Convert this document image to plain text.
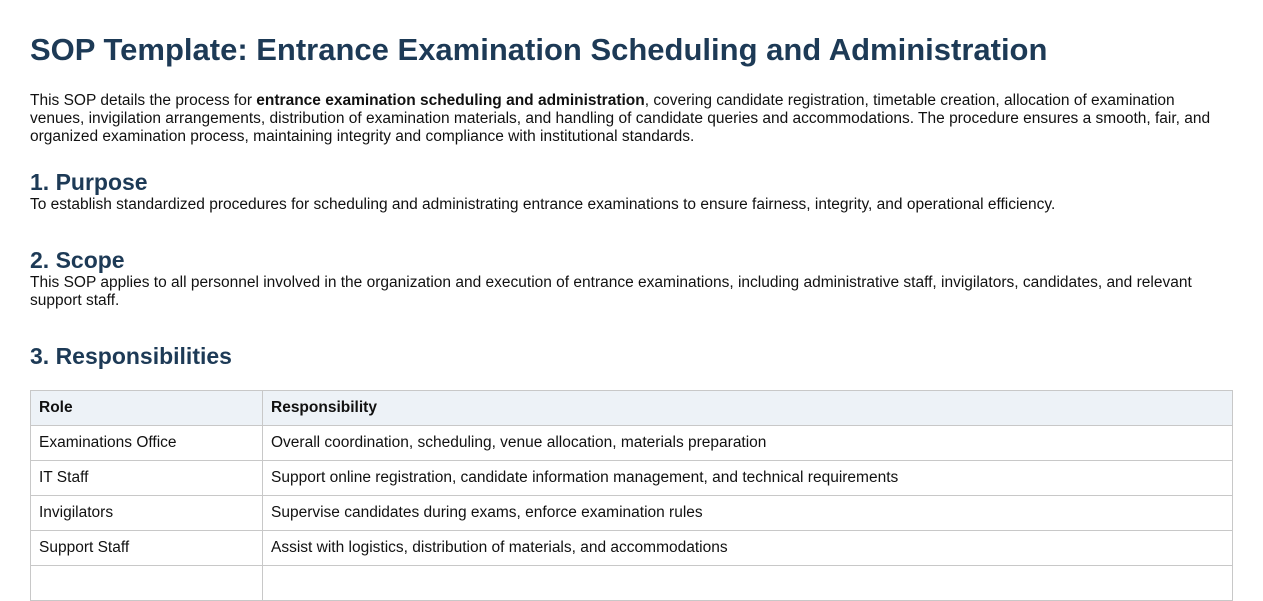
SOP Template: Entrance Examination Scheduling and Administration

This SOP details the process for entrance examination scheduling and administration, covering candidate registration, timetable creation, allocation of examination venues, invigilation arrangements, distribution of examination materials, and handling of candidate queries and accommodations. The procedure ensures a smooth, fair, and organized examination process, maintaining integrity and compliance with institutional standards.

1. Purpose

To establish standardized procedures for scheduling and administrating entrance examinations to ensure fairness, integrity, and operational efficiency.

2. Scope

This SOP applies to all personnel involved in the organization and execution of entrance examinations, including administrative staff, invigilators, candidates, and relevant support staff.

3. Responsibilities
Role	Responsibility
Examinations Office	Overall coordination, scheduling, venue allocation, materials preparation
IT Staff	Support online registration, candidate information management, and technical requirements
Invigilators	Supervise candidates during exams, enforce examination rules
Support Staff	Assist with logistics, distribution of materials, and accommodations
